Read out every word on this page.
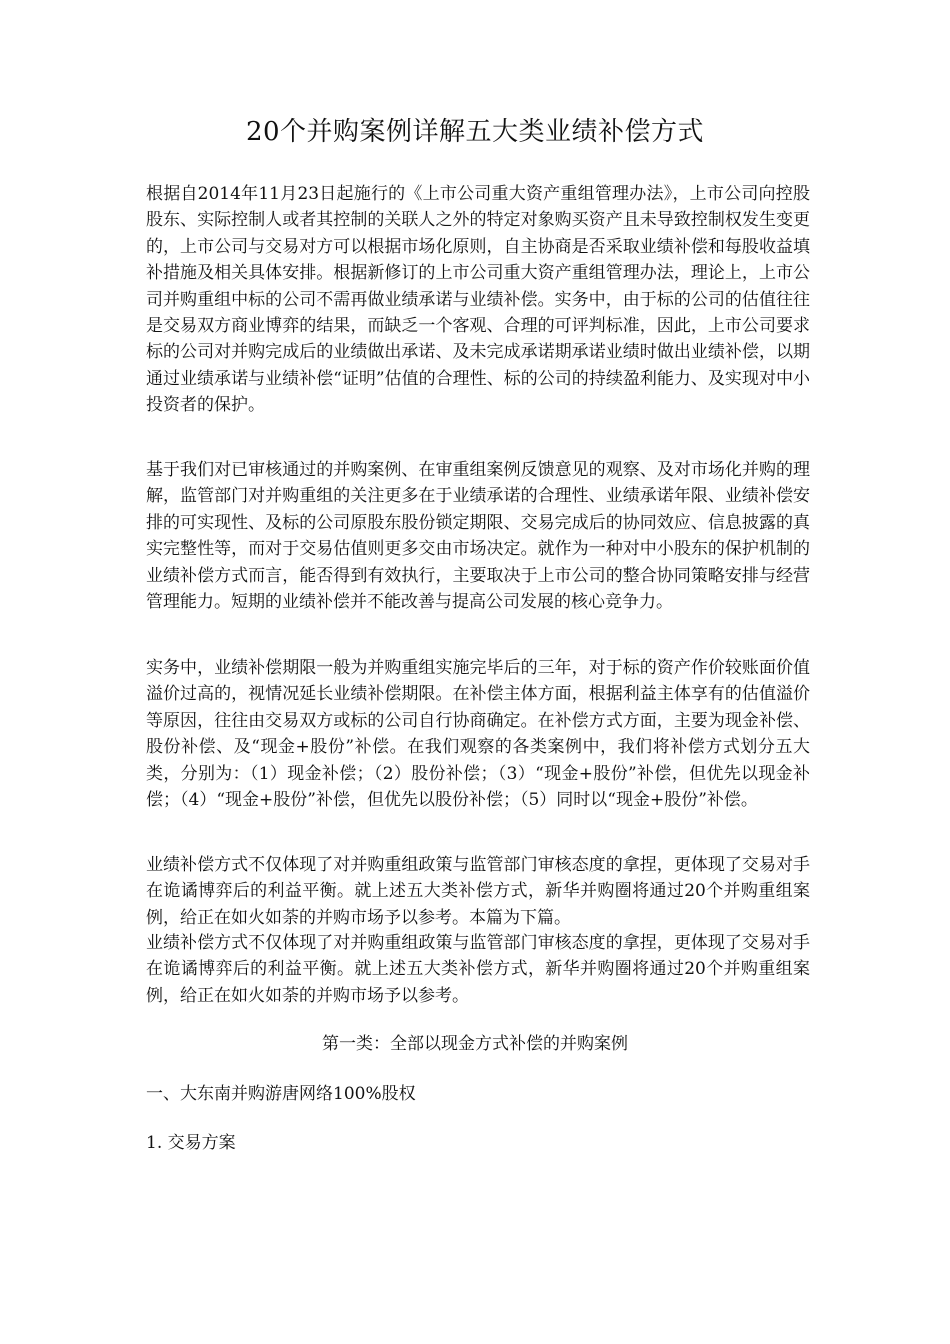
20个并购案例详解五大类业绩补偿方式

根据自2014年11月23日起施行的《上市公司重大资产重组管理办法》，上市公司向控股股东、实际控制人或者其控制的关联人之外的特定对象购买资产且未导致控制权发生变更的，上市公司与交易对方可以根据市场化原则，自主协商是否采取业绩补偿和每股收益填补措施及相关具体安排。根据新修订的上市公司重大资产重组管理办法，理论上，上市公司并购重组中标的公司不需再做业绩承诺与业绩补偿。实务中，由于标的公司的估值往往是交易双方商业博弈的结果，而缺乏一个客观、合理的可评判标准，因此，上市公司要求标的公司对并购完成后的业绩做出承诺、及未完成承诺期承诺业绩时做出业绩补偿，以期通过业绩承诺与业绩补偿“证明”估值的合理性、标的公司的持续盈利能力、及实现对中小投资者的保护。

基于我们对已审核通过的并购案例、在审重组案例反馈意见的观察、及对市场化并购的理解，监管部门对并购重组的关注更多在于业绩承诺的合理性、业绩承诺年限、业绩补偿安排的可实现性、及标的公司原股东股份锁定期限、交易完成后的协同效应、信息披露的真实完整性等，而对于交易估值则更多交由市场决定。就作为一种对中小股东的保护机制的业绩补偿方式而言，能否得到有效执行，主要取决于上市公司的整合协同策略安排与经营管理能力。短期的业绩补偿并不能改善与提高公司发展的核心竞争力。

实务中，业绩补偿期限一般为并购重组实施完毕后的三年，对于标的资产作价较账面价值溢价过高的，视情况延长业绩补偿期限。在补偿主体方面，根据利益主体享有的估值溢价等原因，往往由交易双方或标的公司自行协商确定。在补偿方式方面，主要为现金补偿、股份补偿、及“现金+股份”补偿。在我们观察的各类案例中，我们将补偿方式划分五大类，分别为：（1）现金补偿；（2）股份补偿；（3）“现金+股份”补偿，但优先以现金补偿；（4）“现金+股份”补偿，但优先以股份补偿；（5）同时以“现金+股份”补偿。

业绩补偿方式不仅体现了对并购重组政策与监管部门审核态度的拿捏，更体现了交易对手在诡谲博弈后的利益平衡。就上述五大类补偿方式，新华并购圈将通过20个并购重组案例，给正在如火如荼的并购市场予以参考。本篇为下篇。

业绩补偿方式不仅体现了对并购重组政策与监管部门审核态度的拿捏，更体现了交易对手在诡谲博弈后的利益平衡。就上述五大类补偿方式，新华并购圈将通过20个并购重组案例，给正在如火如荼的并购市场予以参考。

第一类：全部以现金方式补偿的并购案例

一、大东南并购游唐网络100%股权

1. 交易方案
